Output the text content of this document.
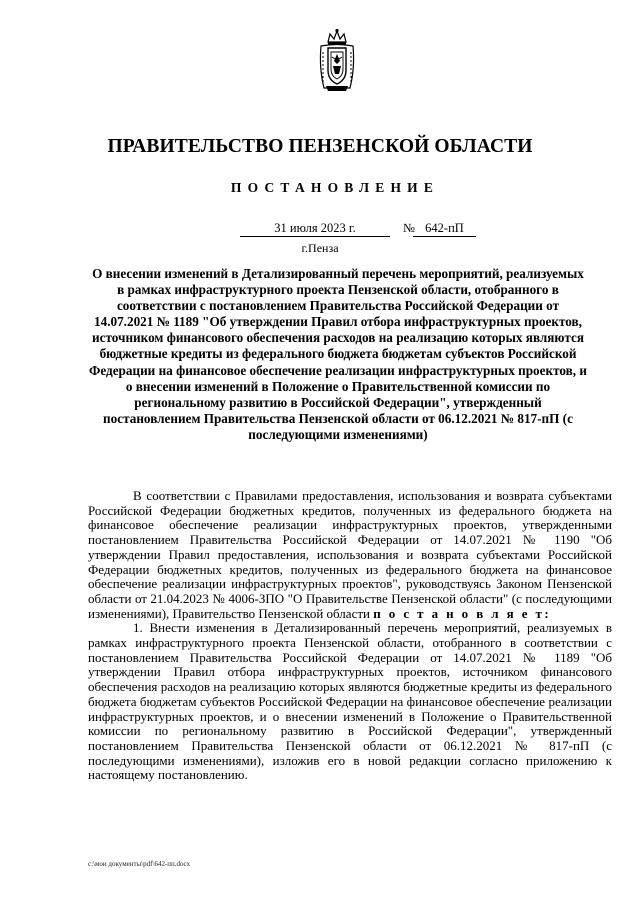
ПРАВИТЕЛЬСТВО ПЕНЗЕНСКОЙ ОБЛАСТИ
ПОСТАНОВЛЕНИЕ
31 июля 2023 г.	№ 642-пП
г.Пенза

О внесении изменений в Детализированный перечень мероприятий, реализуемых в рамках инфраструктурного проекта Пензенской области, отобранного в соответствии с постановлением Правительства Российской Федерации от 14.07.2021 № 1189 "Об утверждении Правил отбора инфраструктурных проектов, источником финансового обеспечения расходов на реализацию которых являются бюджетные кредиты из федерального бюджета бюджетам субъектов Российской Федерации на финансовое обеспечение реализации инфраструктурных проектов, и о внесении изменений в Положение о Правительственной комиссии по региональному развитию в Российской Федерации", утвержденный постановлением Правительства Пензенской области от 06.12.2021 № 817-пП (с последующими изменениями)

В соответствии с Правилами предоставления, использования и возврата субъектами Российской Федерации бюджетных кредитов, полученных из федерального бюджета на финансовое обеспечение реализации инфраструктурных проектов, утвержденными постановлением Правительства Российской Федерации от 14.07.2021 № 1190 "Об утверждении Правил предоставления, использования и возврата субъектами Российской Федерации бюджетных кредитов, полученных из федерального бюджета на финансовое обеспечение реализации инфраструктурных проектов", руководствуясь Законом Пензенской области от 21.04.2023 № 4006-ЗПО "О Правительстве Пензенской области" (с последующими изменениями), Правительство Пензенской области п о с т а н о в л я е т:

1. Внести изменения в Детализированный перечень мероприятий, реализуемых в рамках инфраструктурного проекта Пензенской области, отобранного в соответствии с постановлением Правительства Российской Федерации от 14.07.2021 № 1189 "Об утверждении Правил отбора инфраструктурных проектов, источником финансового обеспечения расходов на реализацию которых являются бюджетные кредиты из федерального бюджета бюджетам субъектов Российской Федерации на финансовое обеспечение реализации инфраструктурных проектов, и о внесении изменений в Положение о Правительственной комиссии по региональному развитию в Российской Федерации", утвержденный постановлением Правительства Пензенской области от 06.12.2021 № 817-пП (с последующими изменениями), изложив его в новой редакции согласно приложению к настоящему постановлению.

c:\мои документы\pdf\642-пп.docx
